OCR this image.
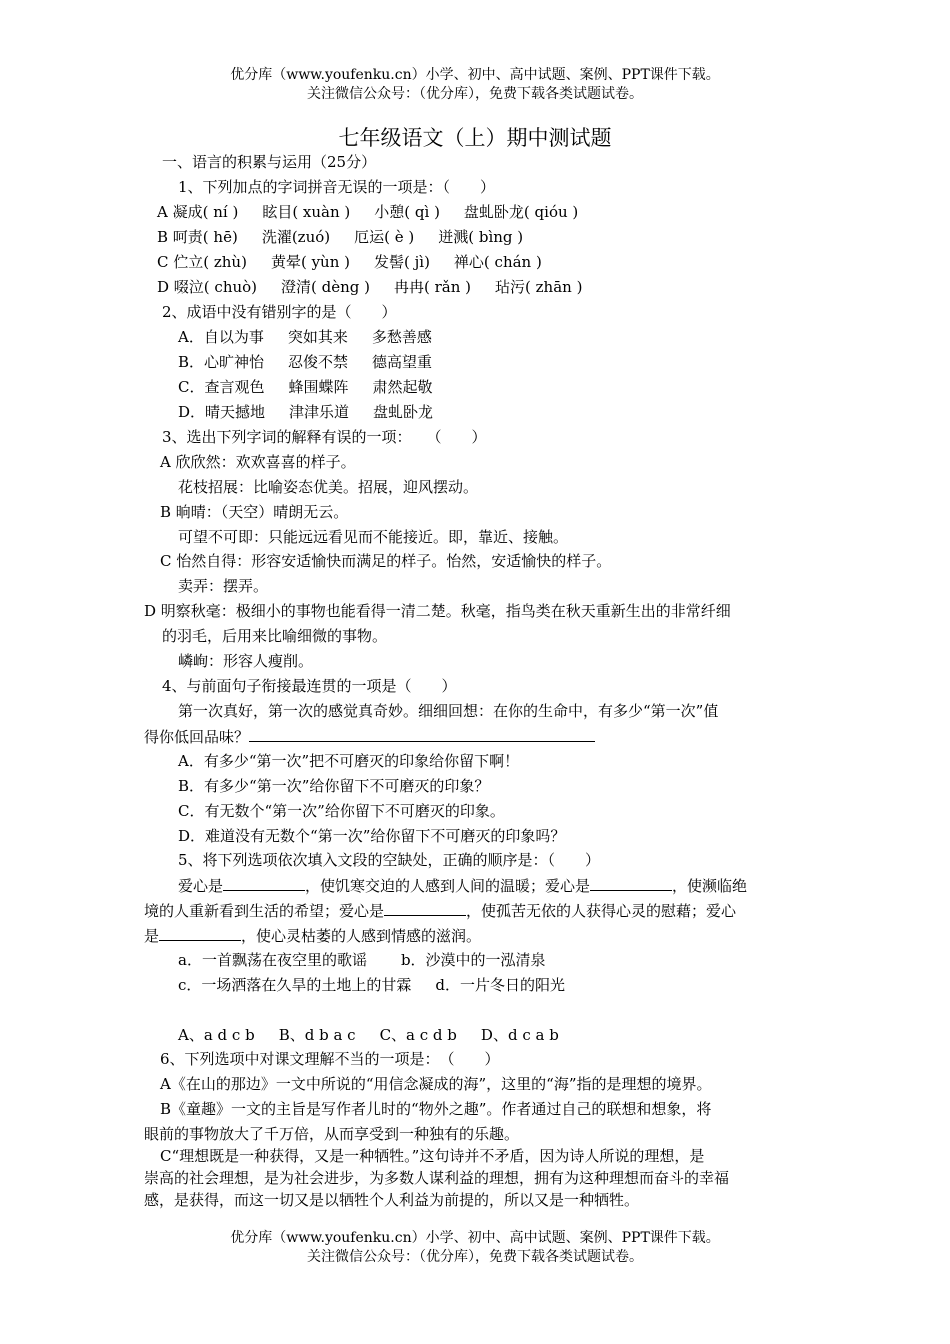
优分库（www.youfenku.cn）小学、初中、高中试题、案例、PPT课件下载。
关注微信公众号：（优分库），免费下载各类试题试卷。
七年级语文（上）期中测试题
一、语言的积累与运用（25分）
1、下列加点的字词拼音无误的一项是：（　　）
A 凝成( ní ) 眩目( xuàn ) 小憩( qì ) 盘虬卧龙( qióu )
B 呵责( hē) 洗濯(zuó) 厄运( è ) 迸溅( bìng )
C 伫立( zhù) 黄晕( yùn ) 发髻( jì) 禅心( chán )
D 啜泣( chuò) 澄清( dèng ) 冉冉( rǎn ) 玷污( zhān )
2、成语中没有错别字的是（　　）
A．自以为事 突如其来 多愁善感
B．心旷神怡 忍俊不禁 德高望重
C．查言观色 蜂围蝶阵 肃然起敬
D．晴天撼地 津津乐道 盘虬卧龙
3、选出下列字词的解释有误的一项：　　（　　）
A 欣欣然：欢欢喜喜的样子。
花枝招展：比喻姿态优美。招展，迎风摆动。
B 晌晴：（天空）晴朗无云。
可望不可即：只能远远看见而不能接近。即，靠近、接触。
C 怡然自得：形容安适愉快而满足的样子。怡然，安适愉快的样子。
卖弄：摆弄。
D 明察秋毫：极细小的事物也能看得一清二楚。秋毫，指鸟类在秋天重新生出的非常纤细
的羽毛，后用来比喻细微的事物。
嶙峋：形容人瘦削。
4、与前面句子衔接最连贯的一项是（　　）
第一次真好，第一次的感觉真奇妙。细细回想：在你的生命中，有多少“第一次”值
得你低回品味？
A．有多少“第一次”把不可磨灭的印象给你留下啊！
B．有多少“第一次”给你留下不可磨灭的印象？
C．有无数个“第一次”给你留下不可磨灭的印象。
D．难道没有无数个“第一次”给你留下不可磨灭的印象吗？
5、将下列选项依次填入文段的空缺处，正确的顺序是：（　　）
爱心是	，使饥寒交迫的人感到人间的温暖；爱心是	，使濒临绝
境的人重新看到生活的希望；爱心是	，使孤苦无依的人获得心灵的慰藉；爱心
是	，使心灵枯萎的人感到情感的滋润。
a．一首飘荡在夜空里的歌谣 b．沙漠中的一泓清泉
c．一场洒落在久旱的土地上的甘霖 d．一片冬日的阳光
A、a d c b B、d b a c C、a c d b D、d c a b
6、下列选项中对课文理解不当的一项是：　（　　）
A《在山的那边》一文中所说的“用信念凝成的海”，这里的“海”指的是理想的境界。
B《童趣》一文的主旨是写作者儿时的“物外之趣”。作者通过自己的联想和想象，将
眼前的事物放大了千万倍，从而享受到一种独有的乐趣。
C“理想既是一种获得，又是一种牺牲。”这句诗并不矛盾，因为诗人所说的理想，是
崇高的社会理想，是为社会进步，为多数人谋利益的理想，拥有为这种理想而奋斗的幸福
感，是获得，而这一切又是以牺牲个人利益为前提的，所以又是一种牺牲。
优分库（www.youfenku.cn）小学、初中、高中试题、案例、PPT课件下载。
关注微信公众号：（优分库），免费下载各类试题试卷。
